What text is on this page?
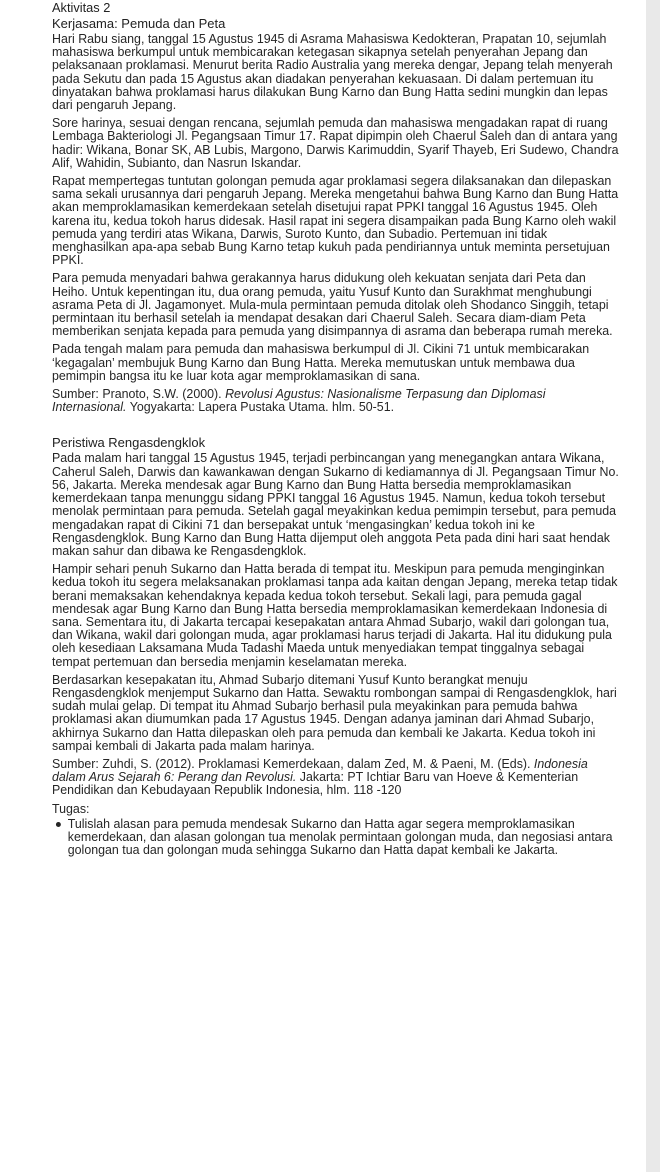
Aktivitas 2
Kerjasama: Pemuda dan Peta

Hari Rabu siang, tanggal 15 Agustus 1945 di Asrama Mahasiswa Kedokteran, Prapatan 10, sejumlah mahasiswa berkumpul untuk membicarakan ketegasan sikapnya setelah penyerahan Jepang dan pelaksanaan proklamasi. Menurut berita Radio Australia yang mereka dengar, Jepang telah menyerah pada Sekutu dan pada 15 Agustus akan diadakan penyerahan kekuasaan. Di dalam pertemuan itu dinyatakan bahwa proklamasi harus dilakukan Bung Karno dan Bung Hatta sedini mungkin dan lepas dari pengaruh Jepang.

Sore harinya, sesuai dengan rencana, sejumlah pemuda dan mahasiswa mengadakan rapat di ruang Lembaga Bakteriologi Jl. Pegangsaan Timur 17. Rapat dipimpin oleh Chaerul Saleh dan di antara yang hadir: Wikana, Bonar SK, AB Lubis, Margono, Darwis Karimuddin, Syarif Thayeb, Eri Sudewo, Chandra Alif, Wahidin, Subianto, dan Nasrun Iskandar.

Rapat mempertegas tuntutan golongan pemuda agar proklamasi segera dilaksanakan dan dilepaskan sama sekali urusannya dari pengaruh Jepang. Mereka mengetahui bahwa Bung Karno dan Bung Hatta akan memproklamasikan kemerdekaan setelah disetujui rapat PPKI tanggal 16 Agustus 1945. Oleh karena itu, kedua tokoh harus didesak. Hasil rapat ini segera disampaikan pada Bung Karno oleh wakil pemuda yang terdiri atas Wikana, Darwis, Suroto Kunto, dan Subadio. Pertemuan ini tidak menghasilkan apa-apa sebab Bung Karno tetap kukuh pada pendiriannya untuk meminta persetujuan PPKI.

Para pemuda menyadari bahwa gerakannya harus didukung oleh kekuatan senjata dari Peta dan Heiho. Untuk kepentingan itu, dua orang pemuda, yaitu Yusuf Kunto dan Surakhmat menghubungi asrama Peta di Jl. Jagamonyet. Mula-mula permintaan pemuda ditolak oleh Shodanco Singgih, tetapi permintaan itu berhasil setelah ia mendapat desakan dari Chaerul Saleh. Secara diam-diam Peta memberikan senjata kepada para pemuda yang disimpannya di asrama dan beberapa rumah mereka.

Pada tengah malam para pemuda dan mahasiswa berkumpul di Jl. Cikini 71 untuk membicarakan ‘kegagalan’ membujuk Bung Karno dan Bung Hatta. Mereka memutuskan untuk membawa dua pemimpin bangsa itu ke luar kota agar memproklamasikan di sana.

Sumber: Pranoto, S.W. (2000). Revolusi Agustus: Nasionalisme Terpasung dan Diplomasi Internasional. Yogyakarta: Lapera Pustaka Utama. hlm. 50-51.

Peristiwa Rengasdengklok

Pada malam hari tanggal 15 Agustus 1945, terjadi perbincangan yang menegangkan antara Wikana, Caherul Saleh, Darwis dan kawankawan dengan Sukarno di kediamannya di Jl. Pegangsaan Timur No. 56, Jakarta. Mereka mendesak agar Bung Karno dan Bung Hatta bersedia memproklamasikan kemerdekaan tanpa menunggu sidang PPKI tanggal 16 Agustus 1945. Namun, kedua tokoh tersebut menolak permintaan para pemuda. Setelah gagal meyakinkan kedua pemimpin tersebut, para pemuda mengadakan rapat di Cikini 71 dan bersepakat untuk ‘mengasingkan’ kedua tokoh ini ke Rengasdengklok. Bung Karno dan Bung Hatta dijemput oleh anggota Peta pada dini hari saat hendak makan sahur dan dibawa ke Rengasdengklok.

Hampir sehari penuh Sukarno dan Hatta berada di tempat itu. Meskipun para pemuda menginginkan kedua tokoh itu segera melaksanakan proklamasi tanpa ada kaitan dengan Jepang, mereka tetap tidak berani memaksakan kehendaknya kepada kedua tokoh tersebut. Sekali lagi, para pemuda gagal mendesak agar Bung Karno dan Bung Hatta bersedia memproklamasikan kemerdekaan Indonesia di sana. Sementara itu, di Jakarta tercapai kesepakatan antara Ahmad Subarjo, wakil dari golongan tua, dan Wikana, wakil dari golongan muda, agar proklamasi harus terjadi di Jakarta. Hal itu didukung pula oleh kesediaan Laksamana Muda Tadashi Maeda untuk menyediakan tempat tinggalnya sebagai tempat pertemuan dan bersedia menjamin keselamatan mereka.

Berdasarkan kesepakatan itu, Ahmad Subarjo ditemani Yusuf Kunto berangkat menuju Rengasdengklok menjemput Sukarno dan Hatta. Sewaktu rombongan sampai di Rengasdengklok, hari sudah mulai gelap. Di tempat itu Ahmad Subarjo berhasil pula meyakinkan para pemuda bahwa proklamasi akan diumumkan pada 17 Agustus 1945. Dengan adanya jaminan dari Ahmad Subarjo, akhirnya Sukarno dan Hatta dilepaskan oleh para pemuda dan kembali ke Jakarta. Kedua tokoh ini sampai kembali di Jakarta pada malam harinya.

Sumber: Zuhdi, S. (2012). Proklamasi Kemerdekaan, dalam Zed, M. & Paeni, M. (Eds). Indonesia dalam Arus Sejarah 6: Perang dan Revolusi. Jakarta: PT Ichtiar Baru van Hoeve & Kementerian Pendidikan dan Kebudayaan Republik Indonesia, hlm. 118 -120

Tugas:
Tulislah alasan para pemuda mendesak Sukarno dan Hatta agar segera memproklamasikan kemerdekaan, dan alasan golongan tua menolak permintaan golongan muda, dan negosiasi antara golongan tua dan golongan muda sehingga Sukarno dan Hatta dapat kembali ke Jakarta.
